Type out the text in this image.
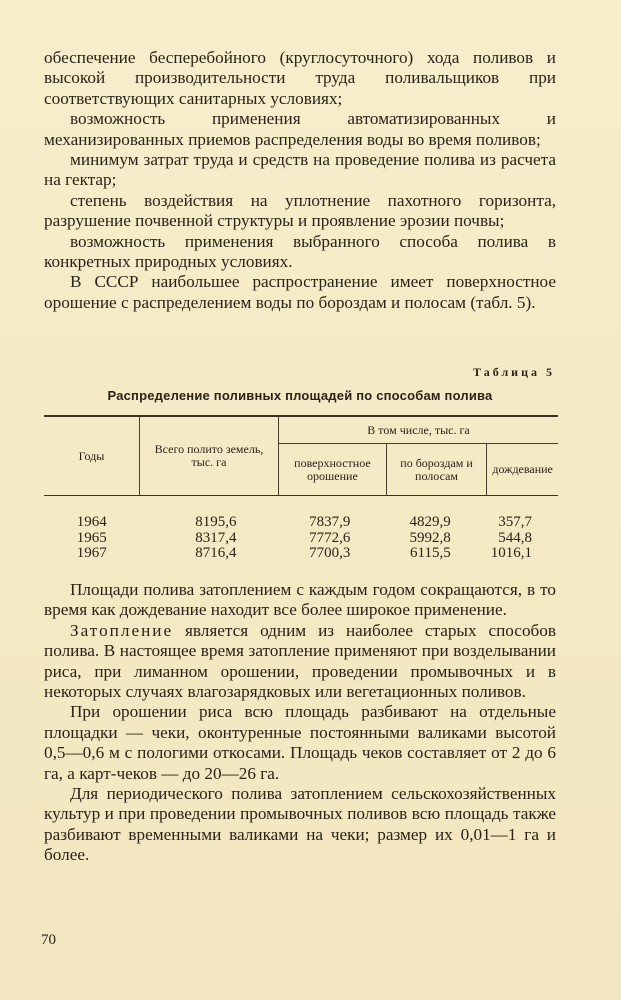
обеспечение бесперебойного (круглосуточного) хода поливов и высокой производительности труда поливальщиков при соответствующих санитарных условиях;

возможность применения автоматизированных и механизированных приемов распределения воды во время поливов;

минимум затрат труда и средств на проведение полива из расчета на гектар;

степень воздействия на уплотнение пахотного горизонта, разрушение почвенной структуры и проявление эрозии почвы;

возможность применения выбранного способа полива в конкретных природных условиях.

В СССР наибольшее распространение имеет поверхностное орошение с распределением воды по бороздам и полосам (табл. 5).

Таблица 5
Распределение поливных площадей по способам полива
Годы	Всего полито земель, тыс. га	В том числе, тыс. га		
		поверхностное орошение	по бороздам и полосам	дождевание
1964	8195,6	7837,9	4829,9	357,7
1965	8317,4	7772,6	5992,8	544,8
1967	8716,4	7700,3	6115,5	1016,1

Площади полива затоплением с каждым годом сокращаются, в то время как дождевание находит все более широкое применение.

Затопление является одним из наиболее старых способов полива. В настоящее время затопление применяют при возделывании риса, при лиманном орошении, проведении промывочных и в некоторых случаях влагозарядковых или вегетационных поливов.

При орошении риса всю площадь разбивают на отдельные площадки — чеки, оконтуренные постоянными валиками высотой 0,5—0,6 м с пологими откосами. Площадь чеков составляет от 2 до 6 га, а карт-чеков — до 20—26 га.

Для периодического полива затоплением сельскохозяйственных культур и при проведении промывочных поливов всю площадь также разбивают временными валиками на чеки; размер их 0,01—1 га и более.

70
